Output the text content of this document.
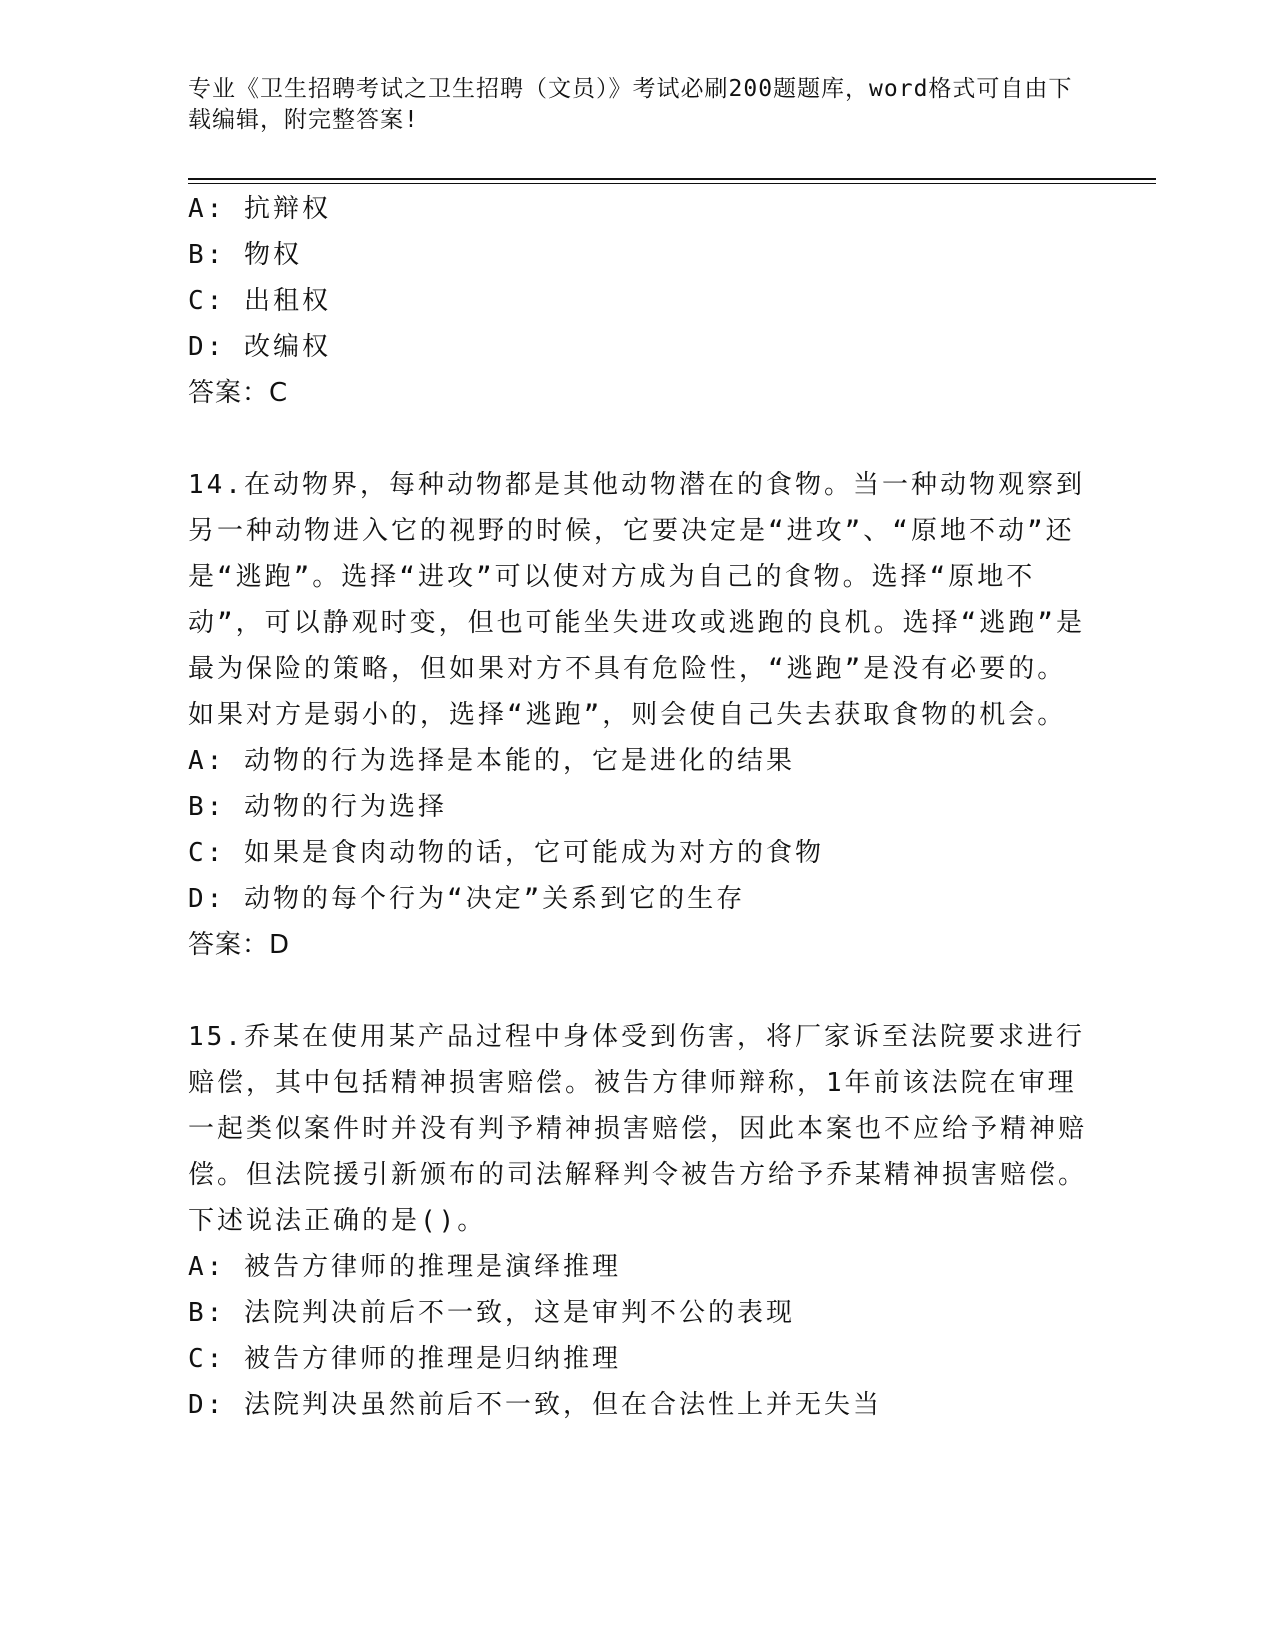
专业《卫生招聘考试之卫生招聘（文员）》考试必刷200题题库，word格式可自由下载编辑，附完整答案!
A: 抗辩权
B: 物权
C: 出租权
D: 改编权
答案：C
14.在动物界，每种动物都是其他动物潜在的食物。当一种动物观察到另一种动物进入它的视野的时候，它要决定是“进攻”、“原地不动”还是“逃跑”。选择“进攻”可以使对方成为自己的食物。选择“原地不动”，可以静观时变，但也可能坐失进攻或逃跑的良机。选择“逃跑”是最为保险的策略，但如果对方不具有危险性，“逃跑”是没有必要的。如果对方是弱小的，选择“逃跑”，则会使自己失去获取食物的机会。
A: 动物的行为选择是本能的，它是进化的结果
B: 动物的行为选择
C: 如果是食肉动物的话，它可能成为对方的食物
D: 动物的每个行为“决定”关系到它的生存
答案：D
15.乔某在使用某产品过程中身体受到伤害，将厂家诉至法院要求进行赔偿，其中包括精神损害赔偿。被告方律师辩称，1年前该法院在审理一起类似案件时并没有判予精神损害赔偿，因此本案也不应给予精神赔偿。但法院援引新颁布的司法解释判令被告方给予乔某精神损害赔偿。下述说法正确的是()。
A: 被告方律师的推理是演绎推理
B: 法院判决前后不一致，这是审判不公的表现
C: 被告方律师的推理是归纳推理
D: 法院判决虽然前后不一致，但在合法性上并无失当
